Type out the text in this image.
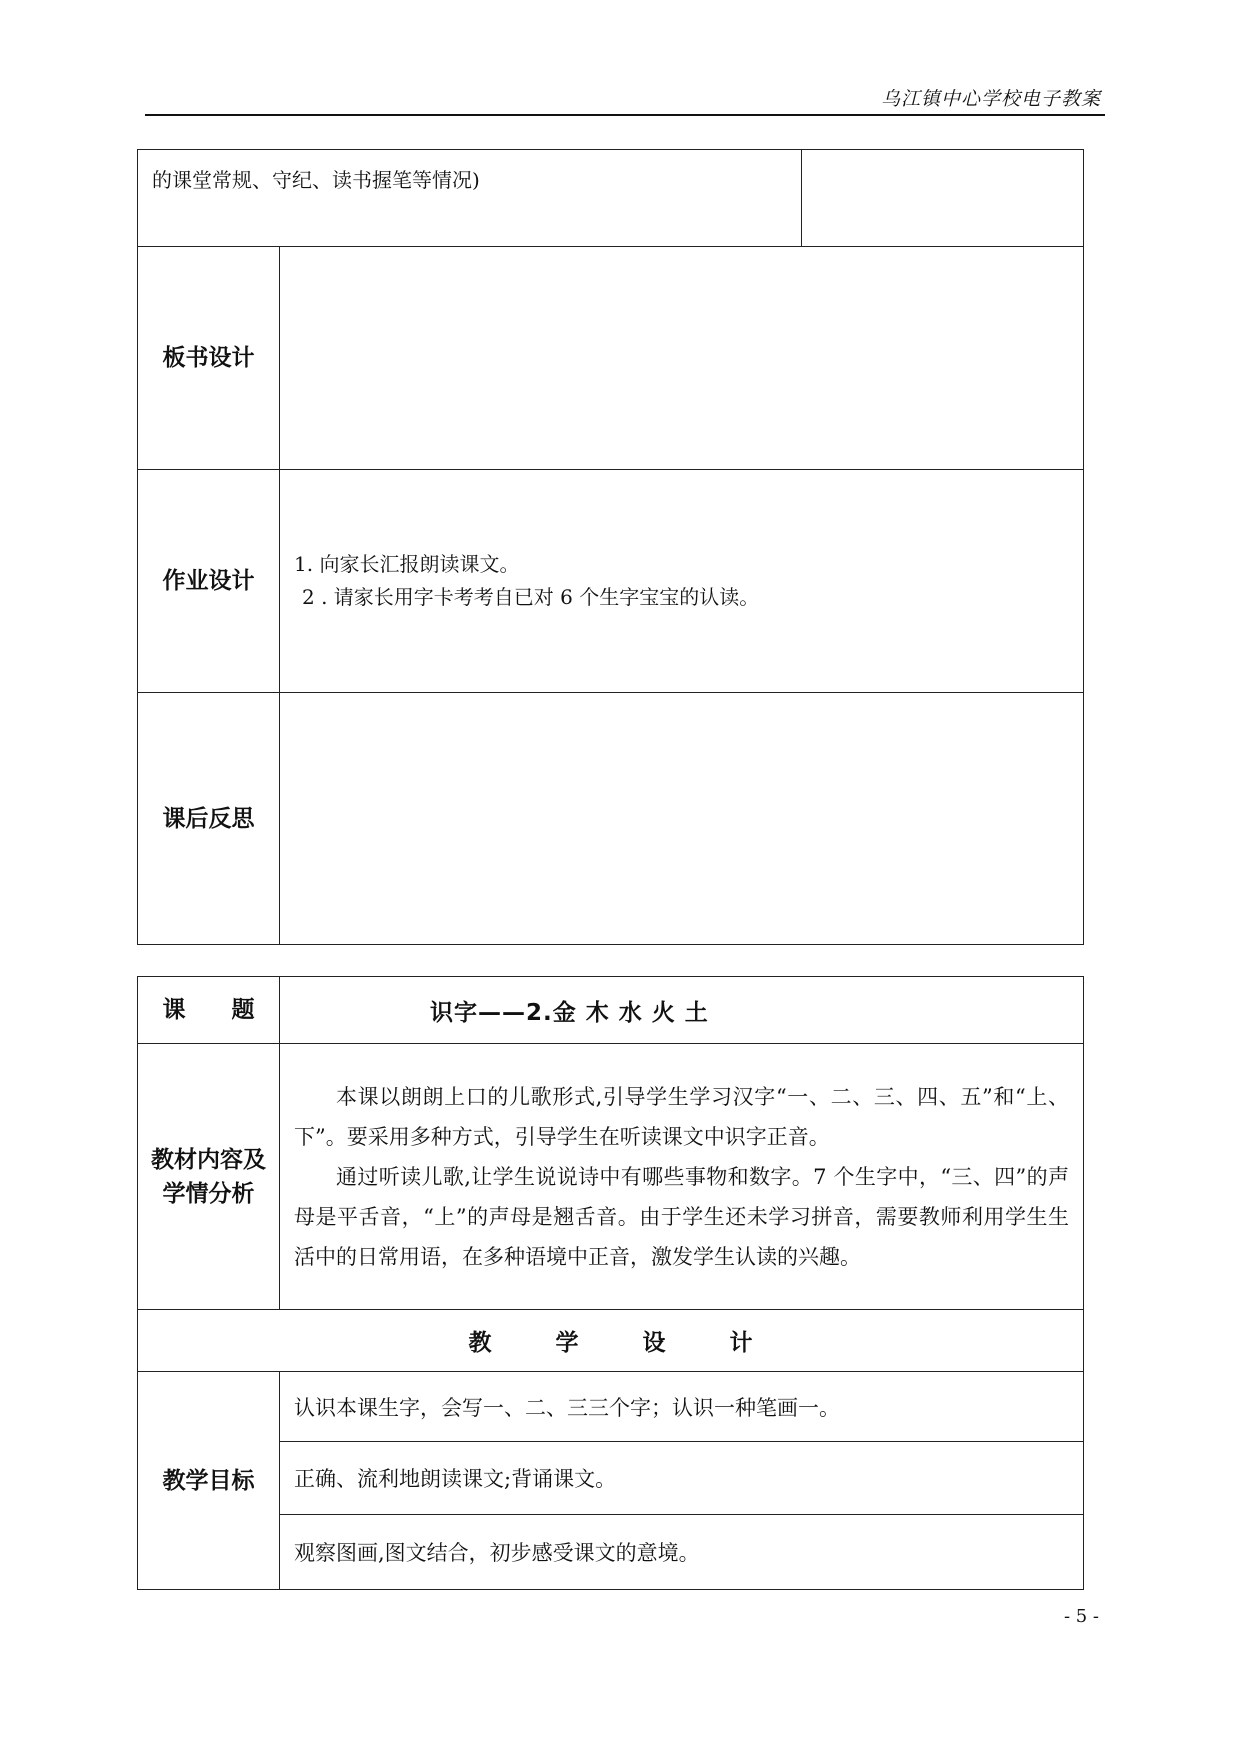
乌江镇中心学校电子教案
的课堂常规、守纪、读书握笔等情况)		
板书设计		
作业设计	1. 向家长汇报朗读课文。
2 . 请家长用字卡考考自已对 6 个生字宝宝的认读。	

课后反思		
课　　题	识字——2.金 木 水 火 土
教材内容及学情分析	本课以朗朗上口的儿歌形式,引导学生学习汉字“一、二、三、四、五”和“上、下”。要采用多种方式，引导学生在听读课文中识字正音。

通过听读儿歌,让学生说说诗中有哪些事物和数字。7 个生字中，“三、四”的声母是平舌音，“上”的声母是翘舌音。由于学生还未学习拼音，需要教师利用学生生活中的日常用语，在多种语境中正音，激发学生认读的兴趣。

教学设计	
教学目标	认识本课生字，会写一、二、三三个字；认识一种笔画一。
	正确、流利地朗读课文;背诵课文。
	观察图画,图文结合，初步感受课文的意境。
- 5 -
